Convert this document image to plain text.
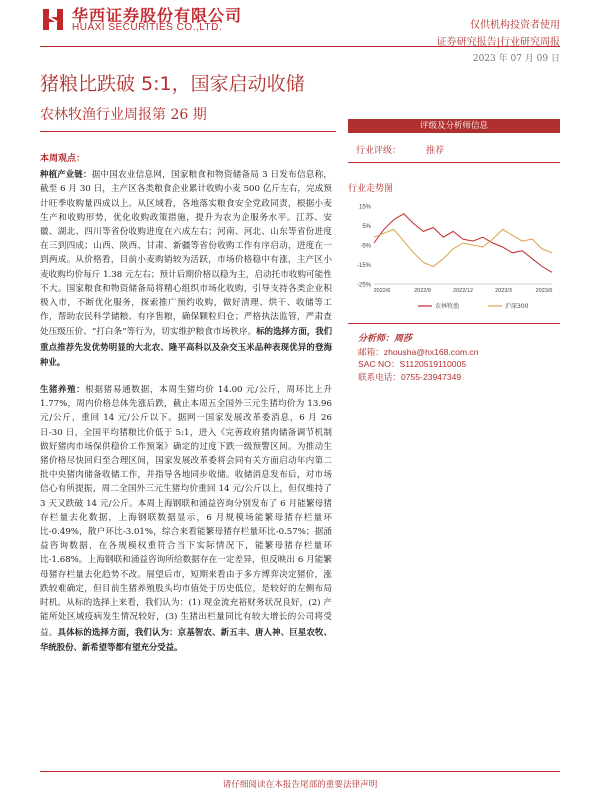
华西证券股份有限公司
HUAXI SECURITIES CO.,LTD.	仅供机构投资者使用
证券研究报告|行业研究周报
2023 年 07 月 09 日
猪粮比跌破 5:1，国家启动收储
农林牧渔行业周报第 26 期
本周观点：

种植产业链：据中国农业信息网，国家粮食和物资储备局 3 日发布信息称，截至 6 月 30 日，主产区各类粮食企业累计收购小麦 500 亿斤左右，完成预计旺季收购量四成以上。从区域看，各地落实粮食安全党政同责，根据小麦生产和收购形势，优化收购政策措施，提升为农为企服务水平。江苏、安徽、湖北、四川等省份收购进度在六成左右；河南、河北、山东等省份进度在三到四成；山西、陕西、甘肃、新疆等省份收购工作有序启动，进度在一到两成。从价格看，目前小麦购销较为活跃，市场价格稳中有涨，主产区小麦收购均价每斤 1.38 元左右；预计后期价格以稳为主，启动托市收购可能性不大。国家粮食和物资储备局将精心组织市场化收购，引导支持各类企业积极入市，不断优化服务，探索推广预约收购，做好清理、烘干、收储等工作，帮助农民科学储粮、有序售粮，确保颗粒归仓；严格执法监管，严肃查处压级压价、“打白条”等行为，切实维护粮食市场秩序。标的选择方面，我们重点推荐先发优势明显的大北农、隆平高科以及杂交玉米品种表现优异的登海种业。

生猪养殖：根据猪易通数据，本周生猪均价 14.00 元/公斤，周环比上升 1.77%，周内价格总体先涨后跌，截止本周五全国外三元生猪均价为 13.96 元/公斤，重回 14 元/公斤以下。据网一国家发展改革委消息，6 月 26 日-30 日，全国平均猪粮比价低于 5:1，进入《完善政府猪肉储备调节机制 做好猪肉市场保供稳价工作预案》确定的过度下跌一级预警区间。为推动生猪价格尽快回归至合理区间，国家发展改革委将会同有关方面启动年内第二批中央猪肉储备收储工作，并指导各地同步收储。收储消息发布后，对市场信心有所提振，周二全国外三元生猪均价重回 14 元/公斤以上，但仅维持了 3 天又跌破 14 元/公斤。本周上海钢联和涌益咨询分别发布了 6 月能繁母猪存栏量去化数据，上海钢联数据显示，6 月规模场能繁母猪存栏量环比-0.49%，散户环比-3.01%，综合来看能繁母猪存栏量环比-0.57%；据涌益咨询数据，在各规模权重符合当下实际情况下，能繁母猪存栏量环比-1.68%。上海钢联和涌益咨询所给数据存在一定差异，但反映出 6 月能繁母猪存栏量去化趋势不改。展望后市，短期来看由于多方博弈决定猪价，涨跌较难确定，但目前生猪养殖股头均市值处于历史低位，是较好的左侧布局时机。从标的选择上来看，我们认为：(1) 现金流充裕财务状况良好，(2) 产能所处区域疫病发生情况较好，(3) 生猪出栏量同比有较大增长的公司将受益。具体标的选择方面，我们认为：京基智农、新五丰、唐人神、巨星农牧、华统股份、新希望等都有望充分受益。

评级及分析师信息
行业评级：	推荐
行业走势图
15%
5%
-5%
-15%
-25%
2022/6	2022/9	2022/12	2023/3	2023/6
农林牧渔	沪深300
分析师：周莎
邮箱：zhousha@hx168.com.cn
SAC NO：S1120519110005
联系电话：0755-23947349
请仔细阅读在本报告尾部的重要法律声明
